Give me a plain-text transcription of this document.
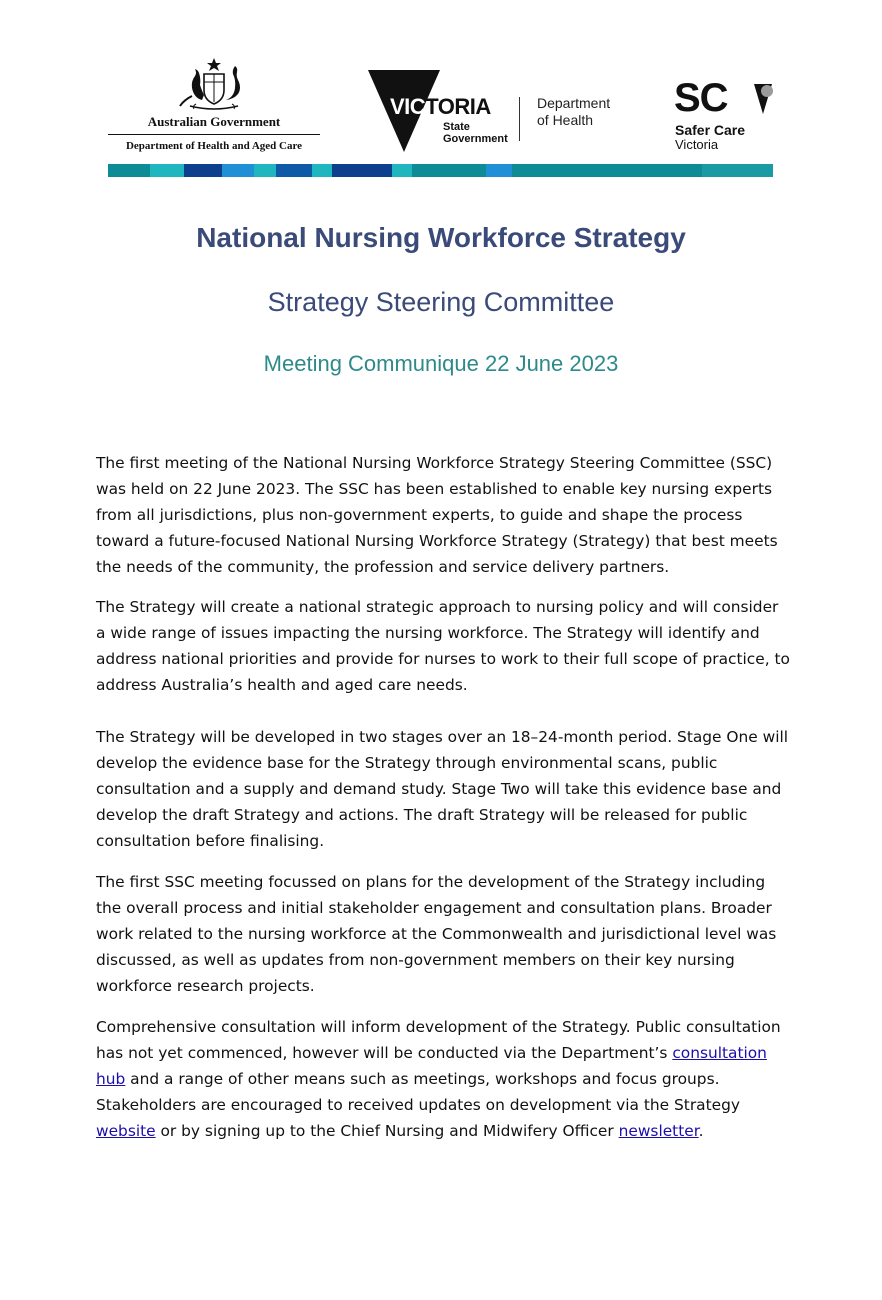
Australian Government
Department of Health and Aged Care
VICTORIA
State
Government
Department
of Health	SC
Safer Care
Victoria
National Nursing Workforce Strategy
Strategy Steering Committee
Meeting Communique 22 June 2023

The first meeting of the National Nursing Workforce Strategy Steering Committee (SSC) was held on 22 June 2023. The SSC has been established to enable key nursing experts from all jurisdictions, plus non-government experts, to guide and shape the process toward a future-focused National Nursing Workforce Strategy (Strategy) that best meets the needs of the community, the profession and service delivery partners.

The Strategy will create a national strategic approach to nursing policy and will consider a wide range of issues impacting the nursing workforce. The Strategy will identify and address national priorities and provide for nurses to work to their full scope of practice, to address Australia’s health and aged care needs.

The Strategy will be developed in two stages over an 18–24-month period. Stage One will develop the evidence base for the Strategy through environmental scans, public consultation and a supply and demand study. Stage Two will take this evidence base and develop the draft Strategy and actions. The draft Strategy will be released for public consultation before finalising.

The first SSC meeting focussed on plans for the development of the Strategy including the overall process and initial stakeholder engagement and consultation plans. Broader work related to the nursing workforce at the Commonwealth and jurisdictional level was discussed, as well as updates from non-government members on their key nursing workforce research projects.

Comprehensive consultation will inform development of the Strategy. Public consultation has not yet commenced, however will be conducted via the Department’s consultation hub and a range of other means such as meetings, workshops and focus groups. Stakeholders are encouraged to received updates on development via the Strategy website or by signing up to the Chief Nursing and Midwifery Officer newsletter.
